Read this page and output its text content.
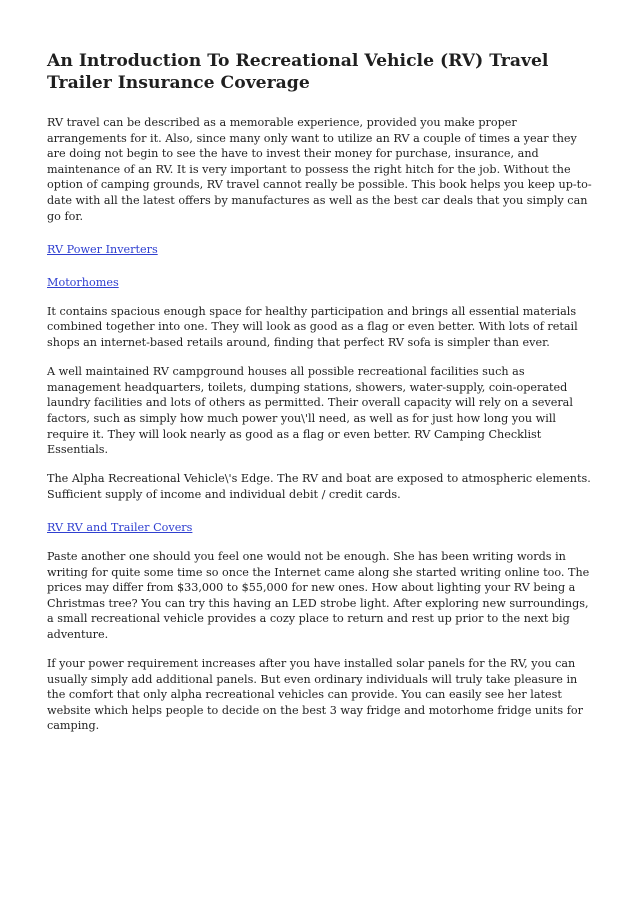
An Introduction To Recreational Vehicle (RV) Travel Trailer Insurance Coverage

RV travel can be described as a memorable experience, provided you make proper arrangements for it. Also, since many only want to utilize an RV a couple of times a year they are doing not begin to see the have to invest their money for purchase, insurance, and maintenance of an RV. It is very important to possess the right hitch for the job. Without the option of camping grounds, RV travel cannot really be possible. This book helps you keep up-to-date with all the latest offers by manufactures as well as the best car deals that you simply can go for.

RV Power Inverters
Motorhomes

It contains spacious enough space for healthy participation and brings all essential materials combined together into one. They will look as good as a flag or even better. With lots of retail shops an internet-based retails around, finding that perfect RV sofa is simpler than ever.

A well maintained RV campground houses all possible recreational facilities such as management headquarters, toilets, dumping stations, showers, water-supply, coin-operated laundry facilities and lots of others as permitted. Their overall capacity will rely on a several factors, such as simply how much power you\'ll need, as well as for just how long you will require it. They will look nearly as good as a flag or even better. RV Camping Checklist Essentials.

The Alpha Recreational Vehicle\'s Edge. The RV and boat are exposed to atmospheric elements. Sufficient supply of income and individual debit / credit cards.

RV RV and Trailer Covers

Paste another one should you feel one would not be enough. She has been writing words in writing for quite some time so once the Internet came along she started writing online too. The prices may differ from $33,000 to $55,000 for new ones. How about lighting your RV being a Christmas tree? You can try this having an LED strobe light. After exploring new surroundings, a small recreational vehicle provides a cozy place to return and rest up prior to the next big adventure.

If your power requirement increases after you have installed solar panels for the RV, you can usually simply add additional panels. But even ordinary individuals will truly take pleasure in the comfort that only alpha recreational vehicles can provide. You can easily see her latest website which helps people to decide on the best 3 way fridge and motorhome fridge units for camping.
